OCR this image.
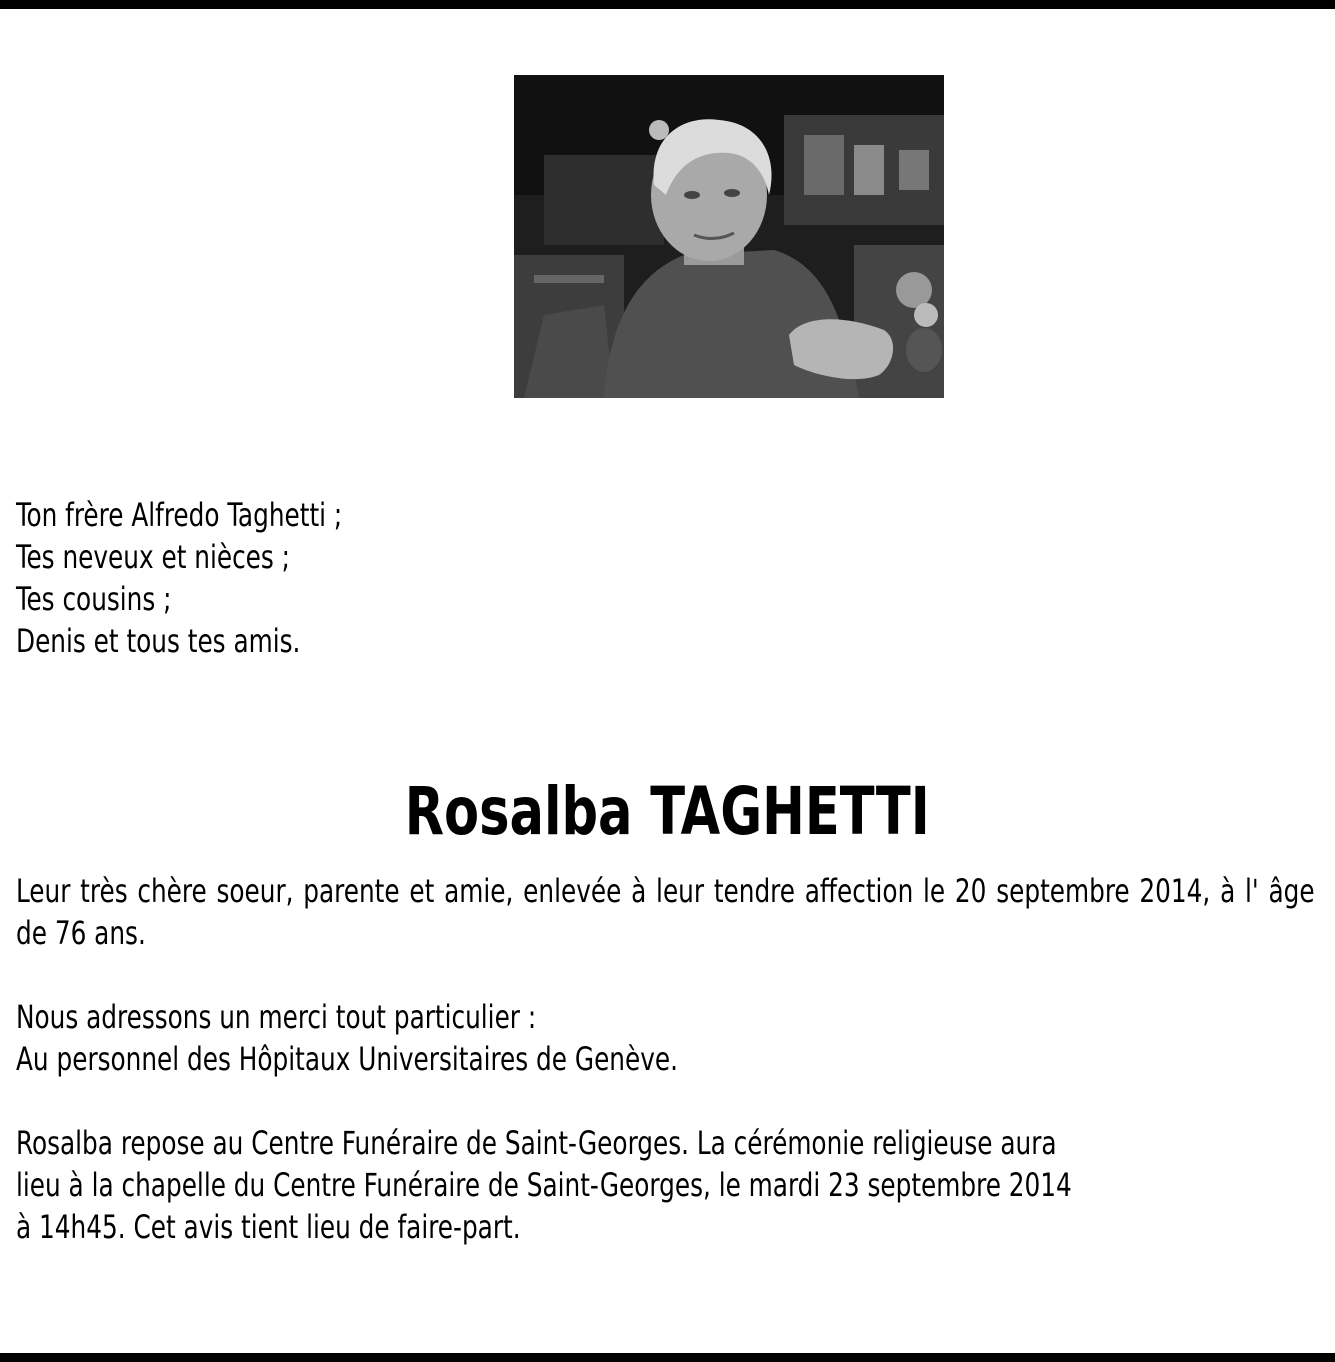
Ton frère Alfredo Taghetti ;
Tes neveux et nièces ;
Tes cousins ;
Denis et tous tes amis.
Rosalba TAGHETTI
Leur très chère soeur, parente et amie, enlevée à leur tendre affection le 20 septembre 2014, à l' âge de 76 ans.
Nous adressons un merci tout particulier :
Au personnel des Hôpitaux Universitaires de Genève.
Rosalba repose au Centre Funéraire de Saint-Georges. La cérémonie religieuse aura
lieu à la chapelle du Centre Funéraire de Saint-Georges, le mardi 23 septembre 2014
à 14h45. Cet avis tient lieu de faire-part.
